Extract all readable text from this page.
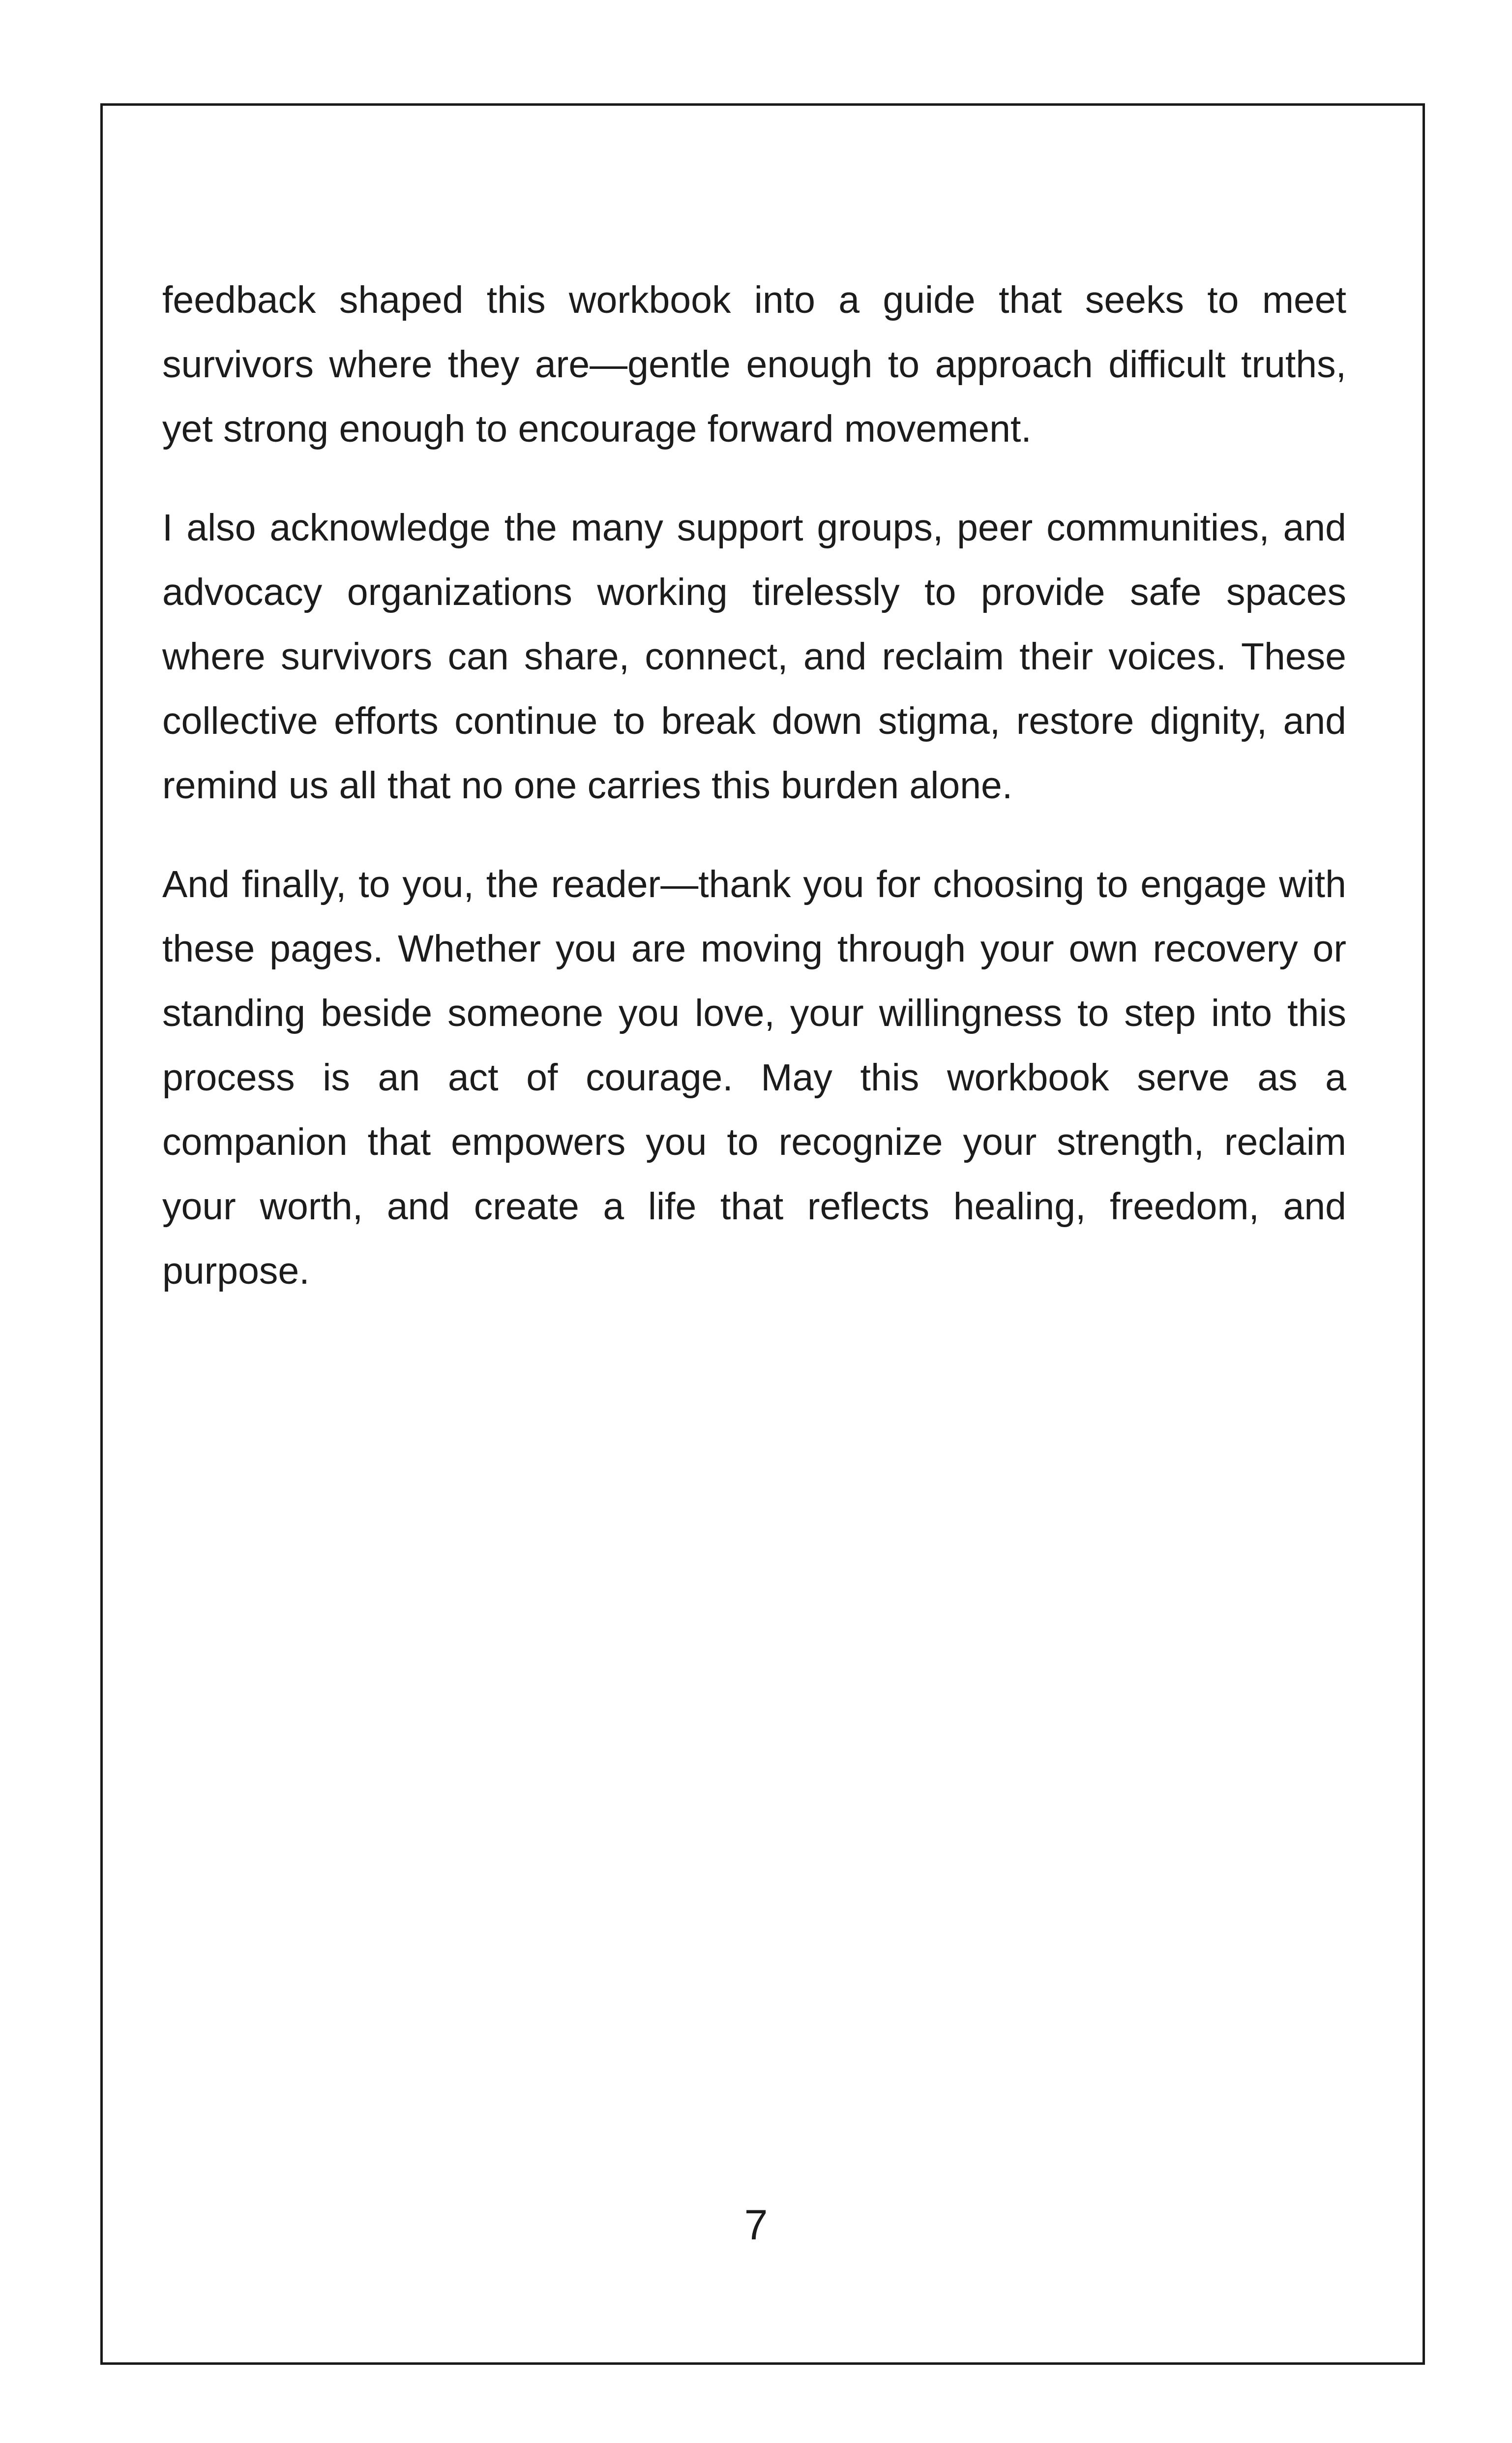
feedback shaped this workbook into a guide that seeks to meet survivors where they are—gentle enough to approach difficult truths, yet strong enough to encourage forward movement.

I also acknowledge the many support groups, peer communities, and advocacy organizations working tirelessly to provide safe spaces where survivors can share, connect, and reclaim their voices. These collective efforts continue to break down stigma, restore dignity, and remind us all that no one carries this burden alone.

And finally, to you, the reader—thank you for choosing to engage with these pages. Whether you are moving through your own recovery or standing beside someone you love, your willingness to step into this process is an act of courage. May this workbook serve as a companion that empowers you to recognize your strength, reclaim your worth, and create a life that reflects healing, freedom, and purpose.

7
